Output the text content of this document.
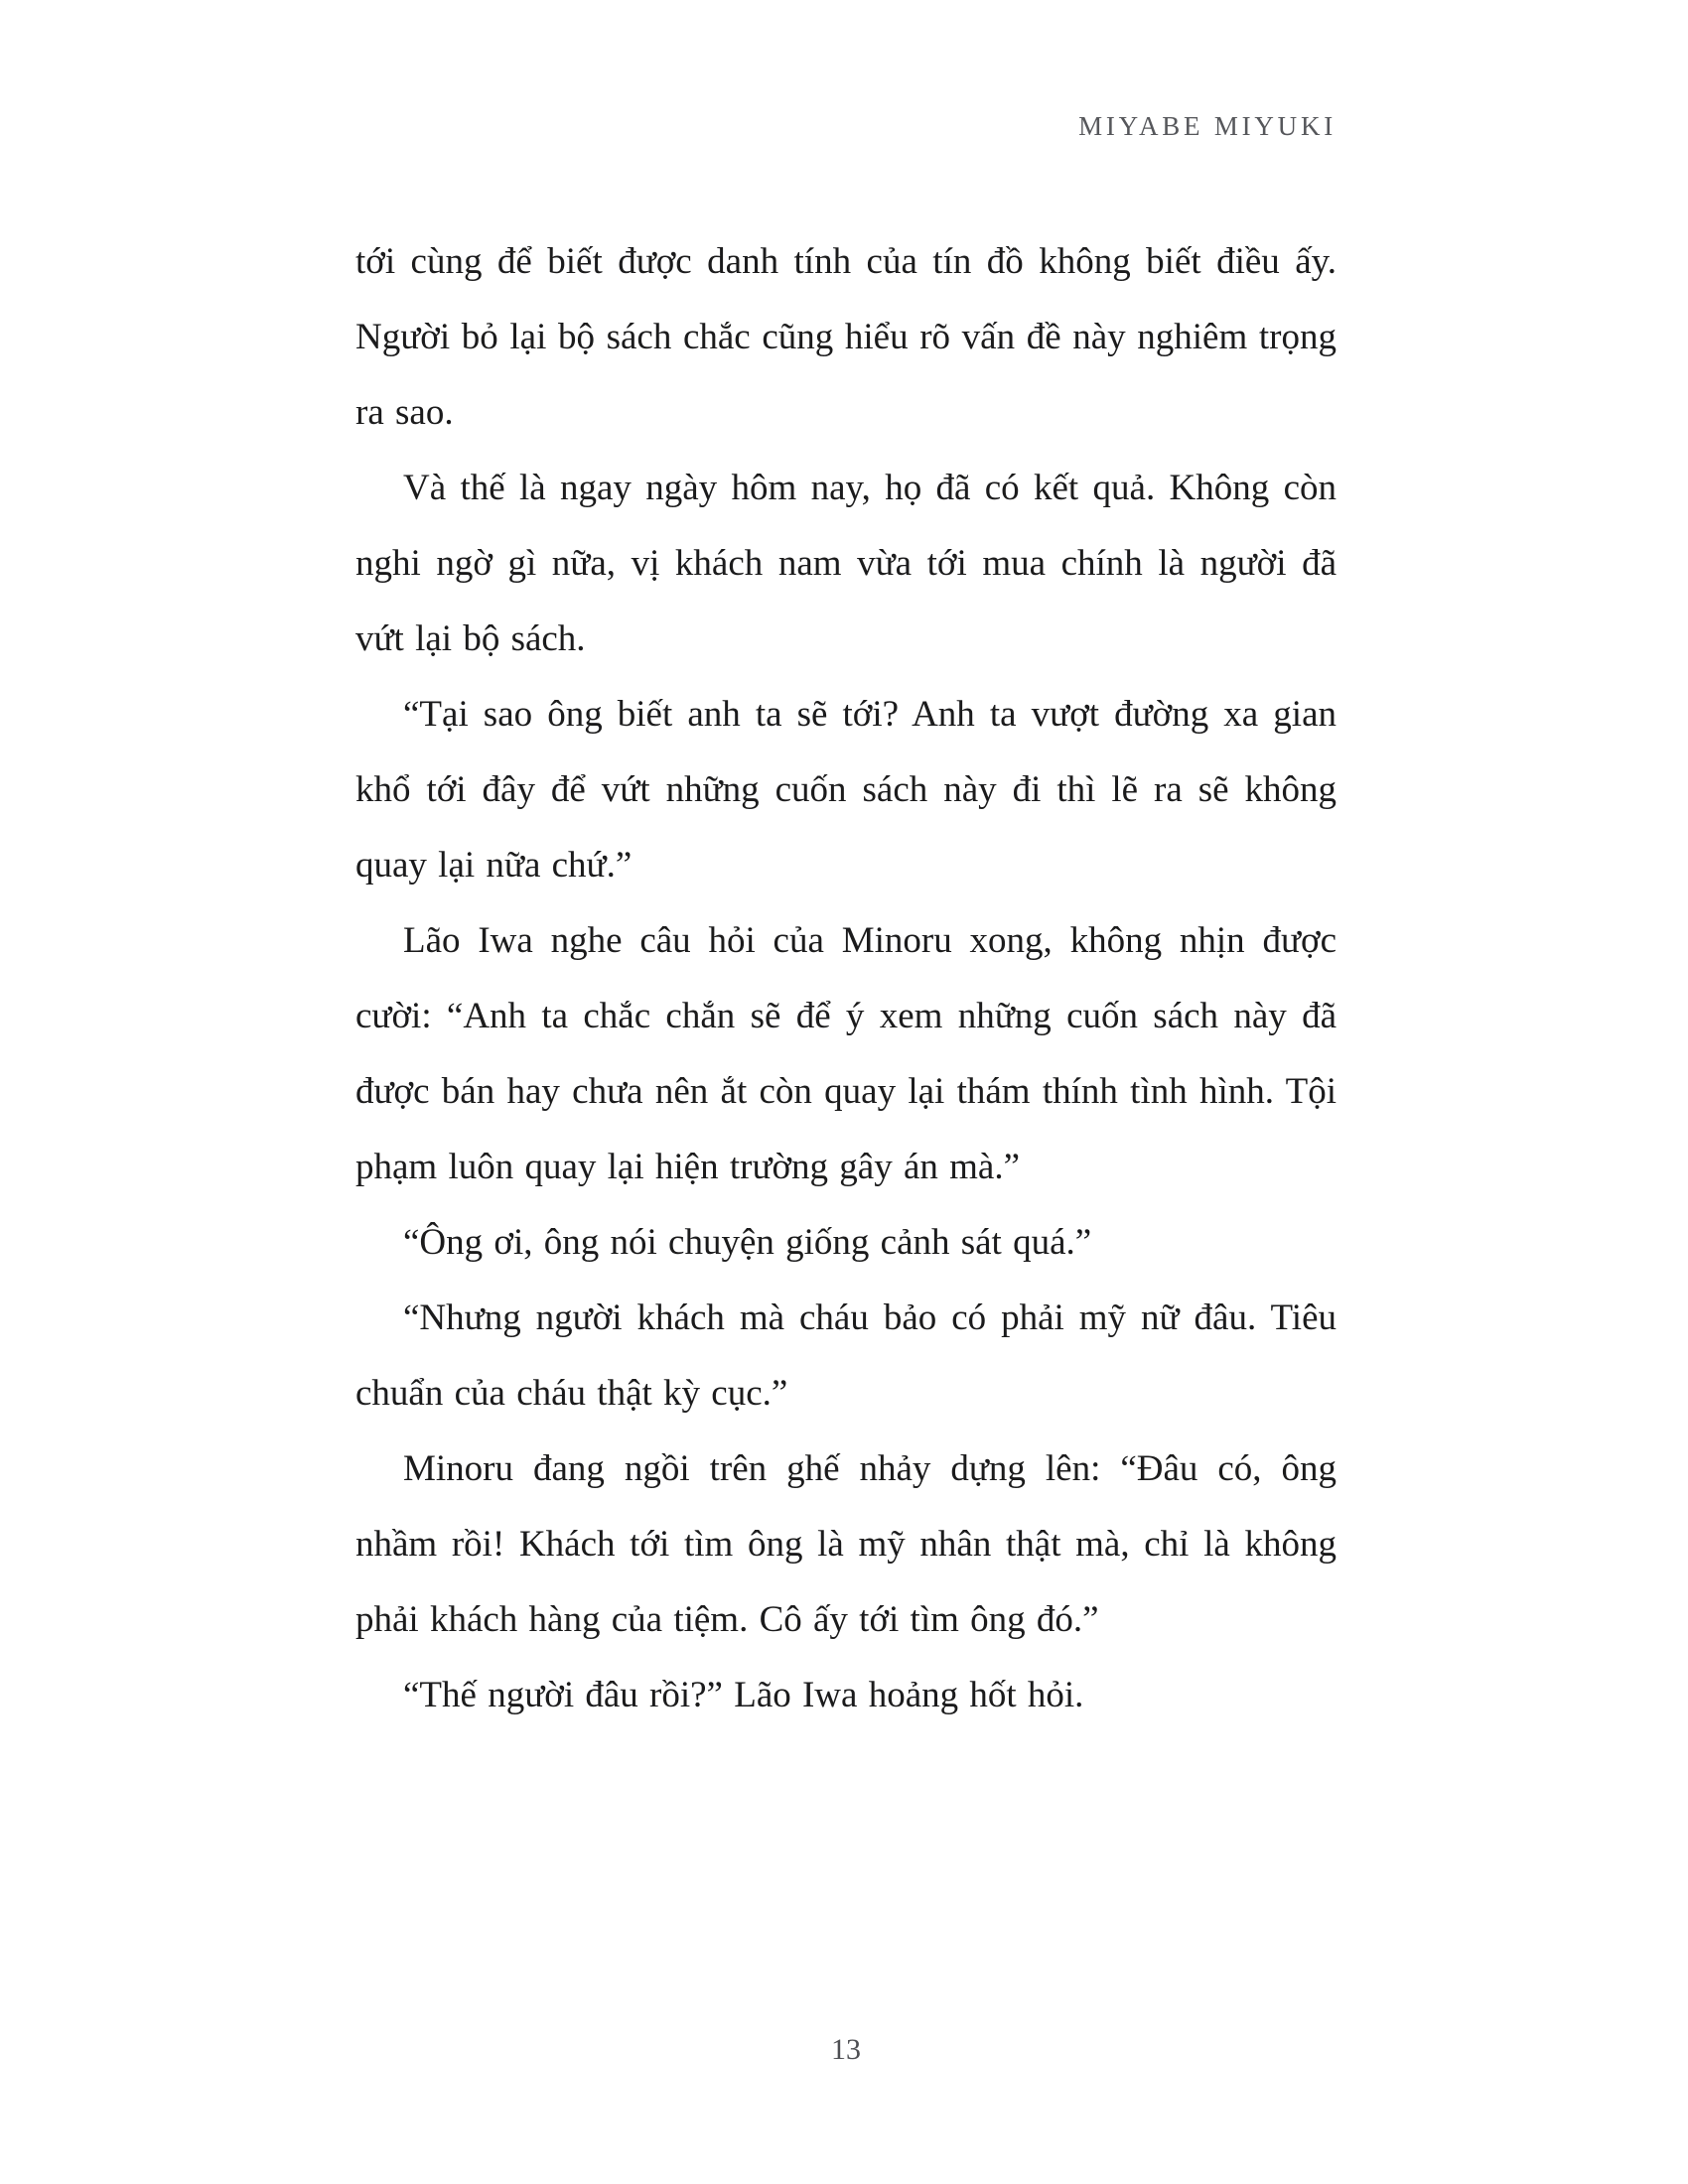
MIYABE MIYUKI

tới cùng để biết được danh tính của tín đồ không biết điều ấy. Người bỏ lại bộ sách chắc cũng hiểu rõ vấn đề này nghiêm trọng ra sao.

Và thế là ngay ngày hôm nay, họ đã có kết quả. Không còn nghi ngờ gì nữa, vị khách nam vừa tới mua chính là người đã vứt lại bộ sách.

“Tại sao ông biết anh ta sẽ tới? Anh ta vượt đường xa gian khổ tới đây để vứt những cuốn sách này đi thì lẽ ra sẽ không quay lại nữa chứ.”

Lão Iwa nghe câu hỏi của Minoru xong, không nhịn được cười: “Anh ta chắc chắn sẽ để ý xem những cuốn sách này đã được bán hay chưa nên ắt còn quay lại thám thính tình hình. Tội phạm luôn quay lại hiện trường gây án mà.”

“Ông ơi, ông nói chuyện giống cảnh sát quá.”

“Nhưng người khách mà cháu bảo có phải mỹ nữ đâu. Tiêu chuẩn của cháu thật kỳ cục.”

Minoru đang ngồi trên ghế nhảy dựng lên: “Đâu có, ông nhầm rồi! Khách tới tìm ông là mỹ nhân thật mà, chỉ là không phải khách hàng của tiệm. Cô ấy tới tìm ông đó.”

“Thế người đâu rồi?” Lão Iwa hoảng hốt hỏi.

13
